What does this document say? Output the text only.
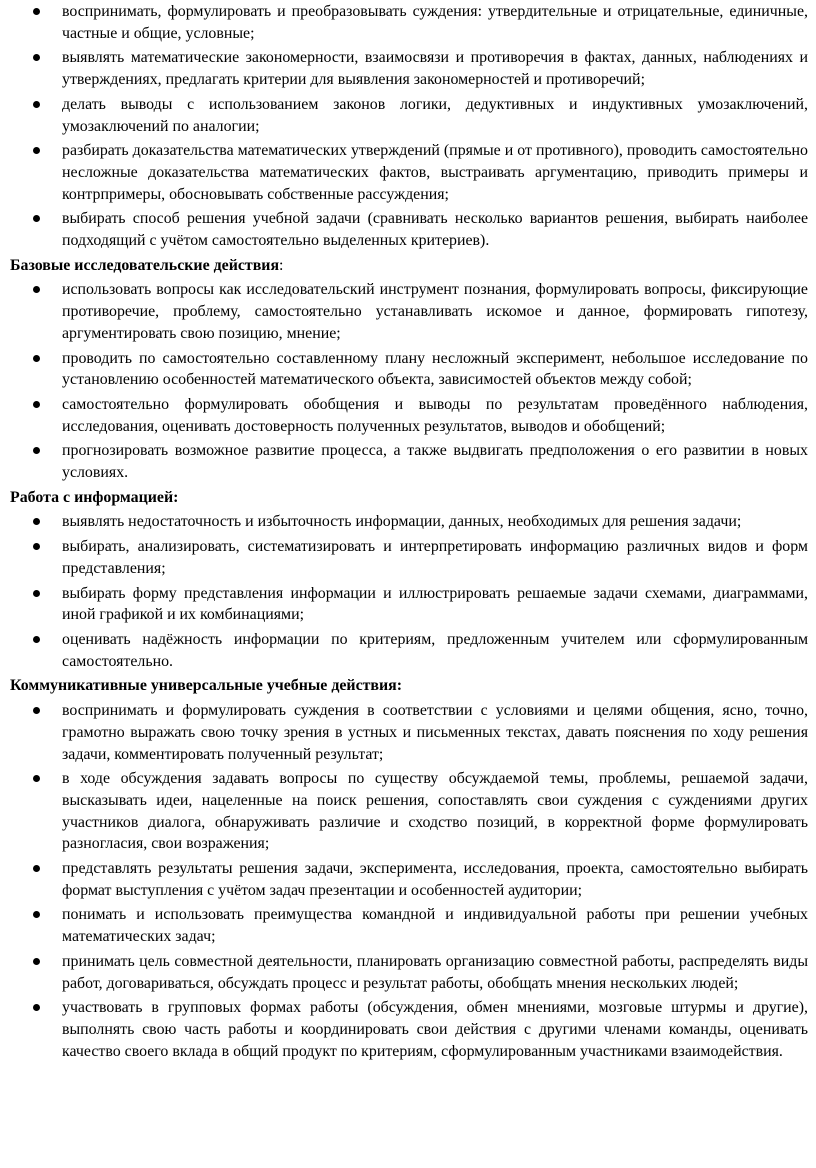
воспринимать, формулировать и преобразовывать суждения: утвердительные и отрицательные, единичные, частные и общие, условные;
выявлять математические закономерности, взаимосвязи и противоречия в фактах, данных, наблюдениях и утверждениях, предлагать критерии для выявления закономерностей и противоречий;
делать выводы с использованием законов логики, дедуктивных и индуктивных умозаключений, умозаключений по аналогии;
разбирать доказательства математических утверждений (прямые и от противного), проводить самостоятельно несложные доказательства математических фактов, выстраивать аргументацию, приводить примеры и контрпримеры, обосновывать собственные рассуждения;
выбирать способ решения учебной задачи (сравнивать несколько вариантов решения, выбирать наиболее подходящий с учётом самостоятельно выделенных критериев).
Базовые исследовательские действия:
использовать вопросы как исследовательский инструмент познания, формулировать вопросы, фиксирующие противоречие, проблему, самостоятельно устанавливать искомое и данное, формировать гипотезу, аргументировать свою позицию, мнение;
проводить по самостоятельно составленному плану несложный эксперимент, небольшое исследование по установлению особенностей математического объекта, зависимостей объектов между собой;
самостоятельно формулировать обобщения и выводы по результатам проведённого наблюдения, исследования, оценивать достоверность полученных результатов, выводов и обобщений;
прогнозировать возможное развитие процесса, а также выдвигать предположения о его развитии в новых условиях.
Работа с информацией:
выявлять недостаточность и избыточность информации, данных, необходимых для решения задачи;
выбирать, анализировать, систематизировать и интерпретировать информацию различных видов и форм представления;
выбирать форму представления информации и иллюстрировать решаемые задачи схемами, диаграммами, иной графикой и их комбинациями;
оценивать надёжность информации по критериям, предложенным учителем или сформулированным самостоятельно.
Коммуникативные универсальные учебные действия:
воспринимать и формулировать суждения в соответствии с условиями и целями общения, ясно, точно, грамотно выражать свою точку зрения в устных и письменных текстах, давать пояснения по ходу решения задачи, комментировать полученный результат;
в ходе обсуждения задавать вопросы по существу обсуждаемой темы, проблемы, решаемой задачи, высказывать идеи, нацеленные на поиск решения, сопоставлять свои суждения с суждениями других участников диалога, обнаруживать различие и сходство позиций, в корректной форме формулировать разногласия, свои возражения;
представлять результаты решения задачи, эксперимента, исследования, проекта, самостоятельно выбирать формат выступления с учётом задач презентации и особенностей аудитории;
понимать и использовать преимущества командной и индивидуальной работы при решении учебных математических задач;
принимать цель совместной деятельности, планировать организацию совместной работы, распределять виды работ, договариваться, обсуждать процесс и результат работы, обобщать мнения нескольких людей;
участвовать в групповых формах работы (обсуждения, обмен мнениями, мозговые штурмы и другие), выполнять свою часть работы и координировать свои действия с другими членами команды, оценивать качество своего вклада в общий продукт по критериям, сформулированным участниками взаимодействия.
